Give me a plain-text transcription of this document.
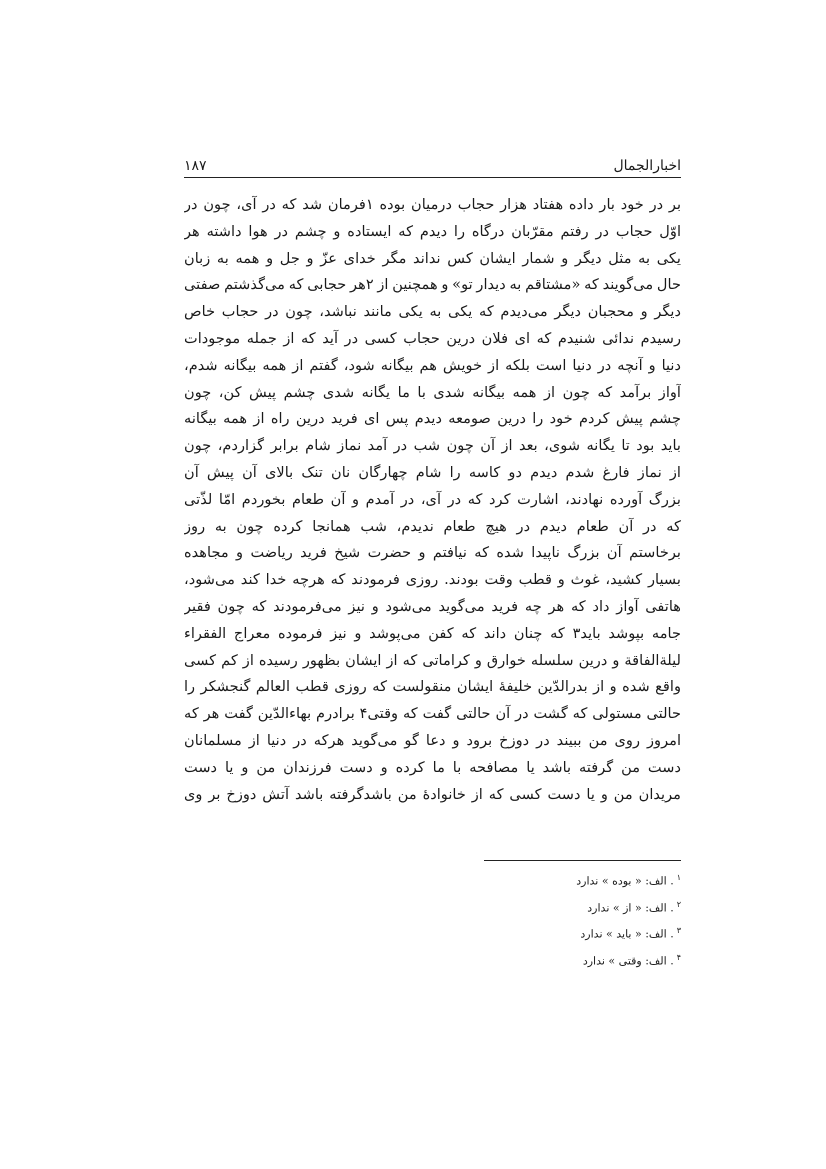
۱۸۷	اخبارالجمال
بر در خود بار داده هفتاد هزار حجاب درمیان بوده ۱فرمان شد که در آی، چون در
اوّل حجاب در رفتم مقرّبان درگاه را دیدم که ایستاده و چشم در هوا داشته هر
یکی به مثل دیگر و شمار ایشان کس نداند مگر خدای عزّ و جل و همه به زبان
حال می‌گویند که «مشتاقم به دیدار تو» و همچنین از ۲هر حجابی که می‌گذشتم صفتی
دیگر و محجبان دیگر می‌دیدم که یکی به یکی مانند نباشد، چون در حجاب خاص
رسیدم ندائی شنیدم که ای فلان درین حجاب کسی در آید که از جمله موجودات
دنیا و آنچه در دنیا است بلکه از خویش هم بیگانه شود، گفتم از همه بیگانه شدم،
آواز برآمد که چون از همه بیگانه شدی با ما یگانه شدی چشم پیش کن، چون
چشم پیش کردم خود را درین صومعه دیدم پس ای فرید درین راه از همه بیگانه
باید بود تا یگانه شوی، بعد از آن چون شب در آمد نماز شام برابر گزاردم، چون
از نماز فارغ شدم دیدم دو کاسه را شام چهارگان نان تنک بالای آن پیش آن
بزرگ آورده نهادند، اشارت کرد که در آی، در آمدم و آن طعام بخوردم امّا لذّتی
که در آن طعام دیدم در هیچ طعام ندیدم، شب همانجا کرده چون به روز
برخاستم آن بزرگ ناپیدا شده که نیافتم و حضرت شیخ فرید ریاضت و مجاهده
بسیار کشید، غوث و قطب وقت بودند. روزی فرمودند که هرچه خدا کند می‌شود،
هاتفی آواز داد که هر چه فرید می‌گوید می‌شود و نیز می‌فرمودند که چون فقیر
جامه بپوشد باید۳ که چنان داند که کفن می‌پوشد و نیز فرموده معراج الفقراء
لیلةالفاقة و درین سلسله خوارق و کراماتی که از ایشان بظهور رسیده از کم کسی
واقع شده و از بدرالدّین خلیفهٔ ایشان منقولست که روزی قطب العالم گنجشکر را
حالتی مستولی که گشت در آن حالتی گفت که وقتی۴ برادرم بهاءالدّین گفت هر که
امروز روی من ببیند در دوزخ برود و دعا گو می‌گوید هرکه در دنیا از مسلمانان
دست من گرفته باشد یا مصافحه با ما کرده و دست فرزندان من و یا دست
مریدان من و یا دست کسی که از خانوادهٔ من باشدگرفته باشد آتش دوزخ بر وی
$^۱$. الف: « بوده » ندارد
$^۲$. الف: « از » ندارد
$^۳$. الف: « باید » ندارد
$^۴$. الف: وقتی » ندارد
